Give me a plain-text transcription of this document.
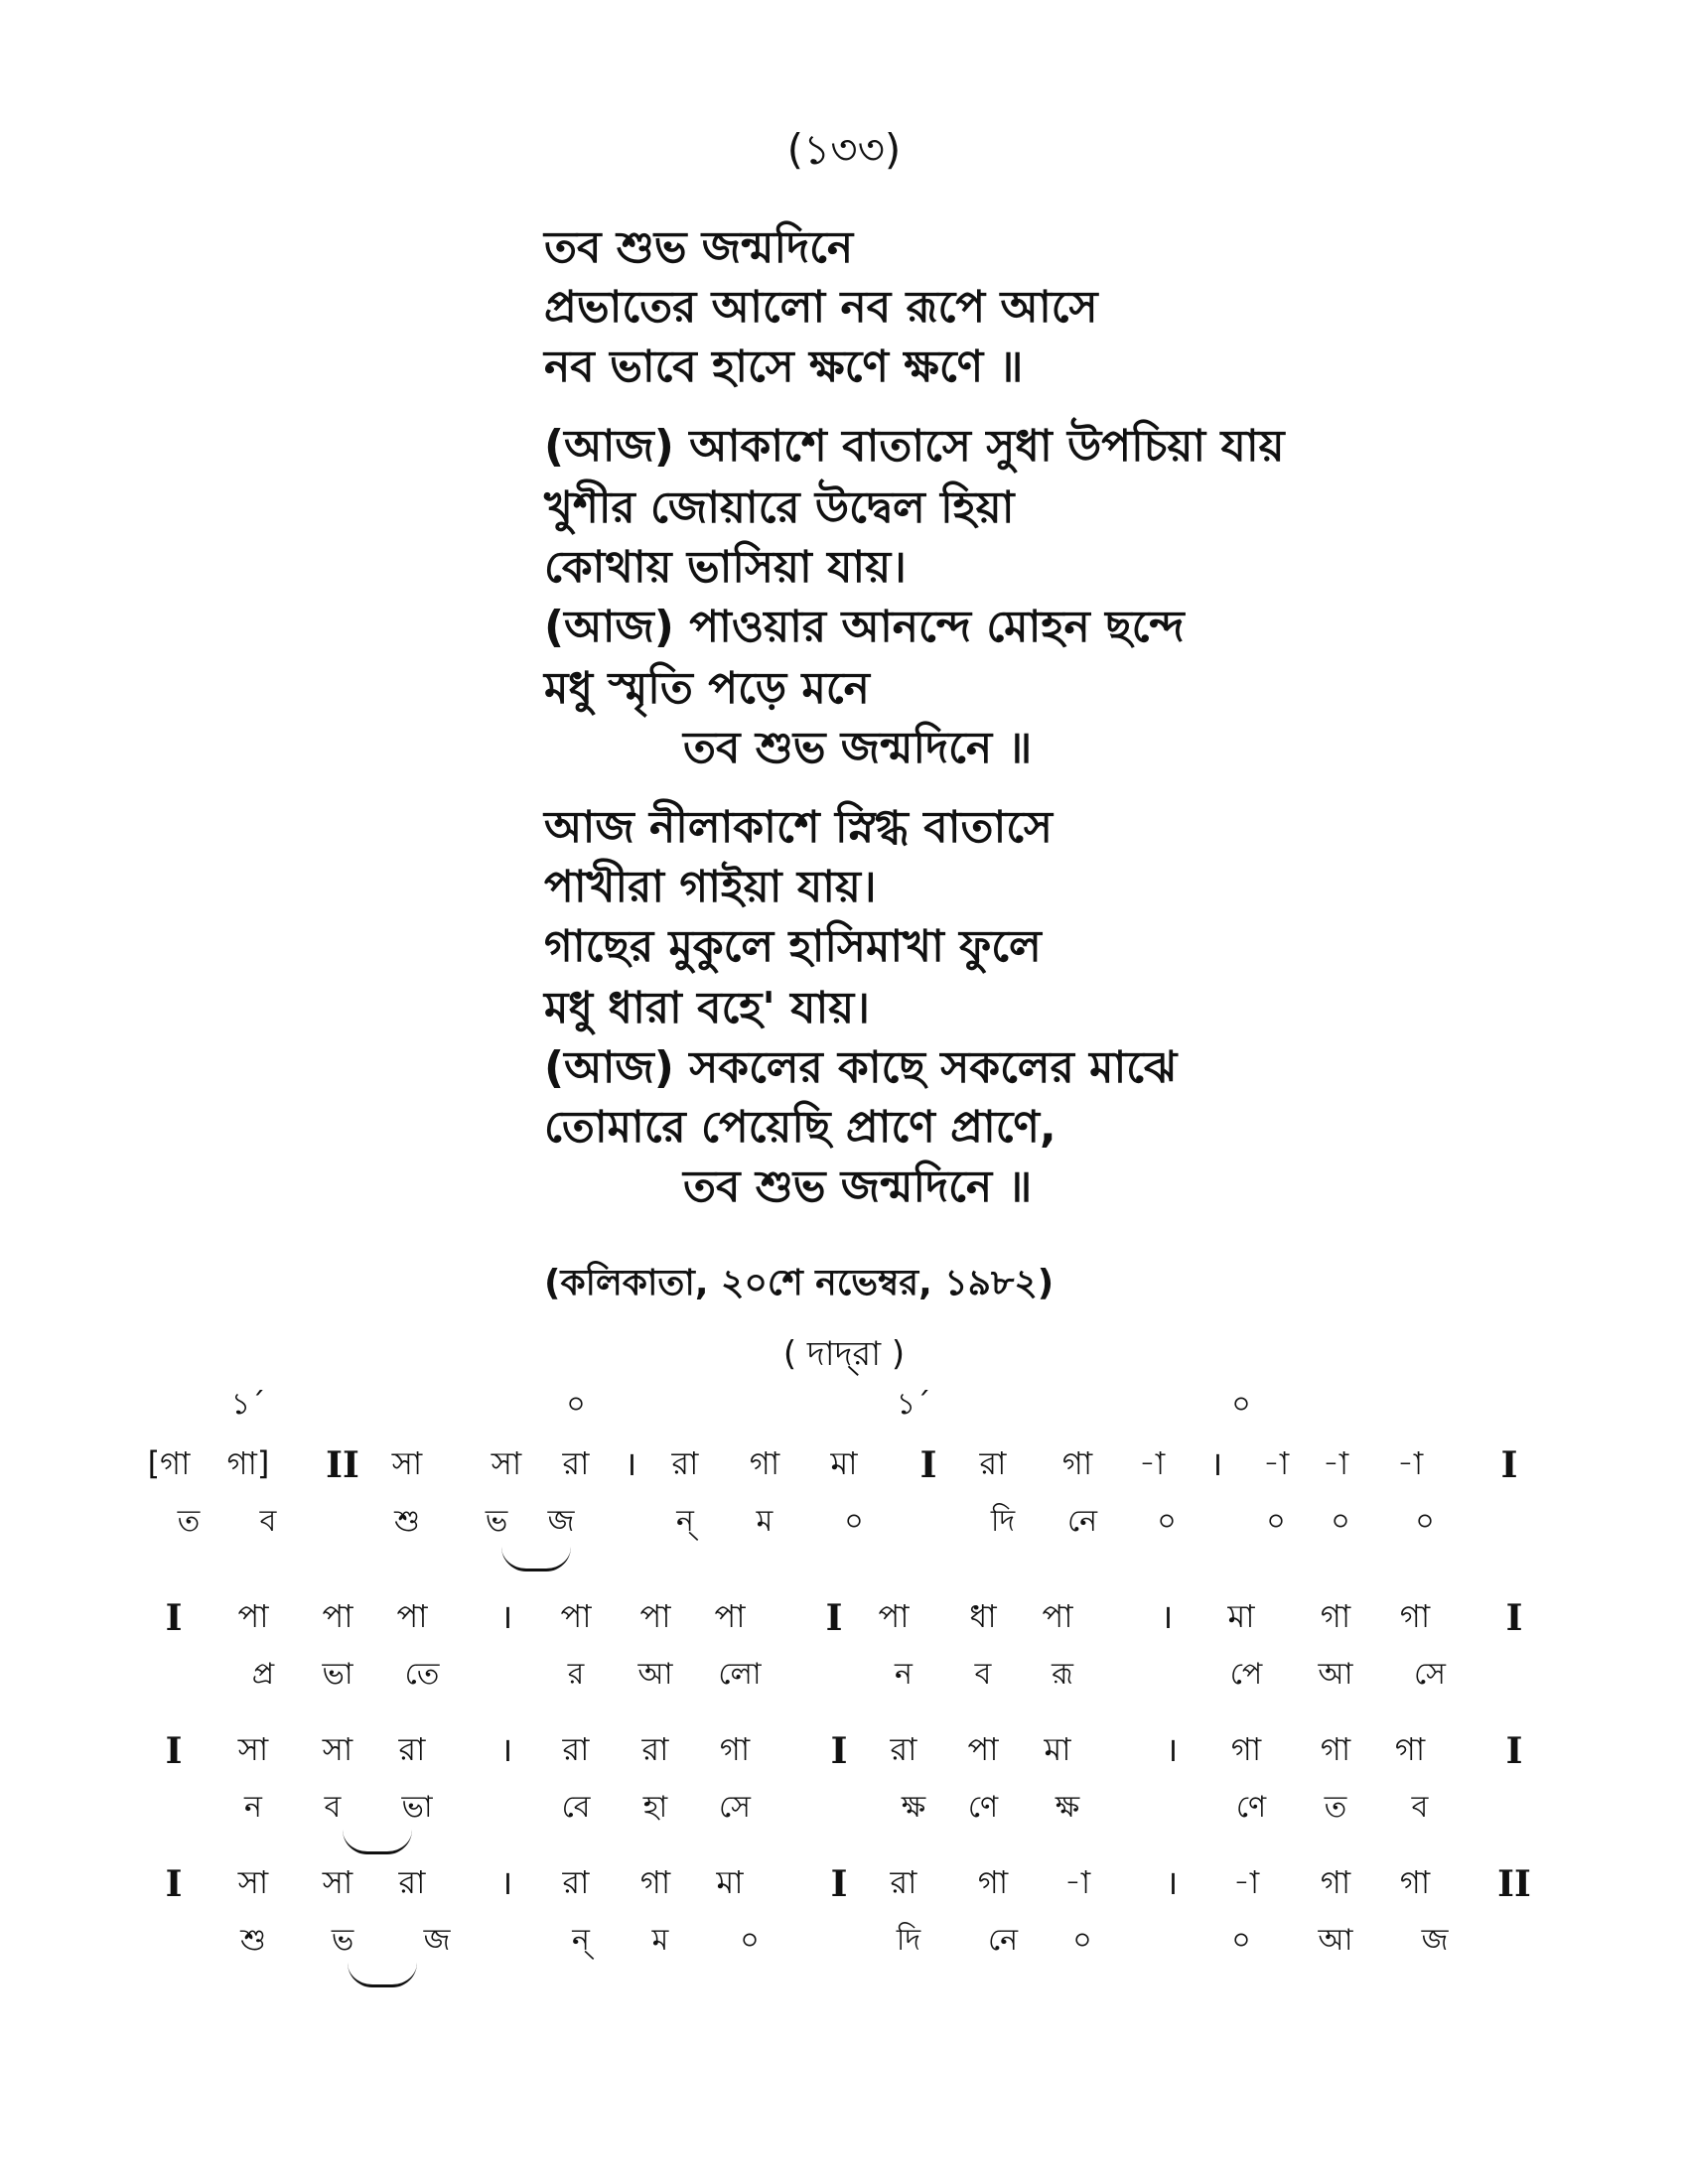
(১৩৩)
তব শুভ জন্মদিনে
প্রভাতের আলো নব রূপে আসে
নব ভাবে হাসে ক্ষণে ক্ষণে ॥
(আজ) আকাশে বাতাসে সুধা উপচিয়া যায়
খুশীর জোয়ারে উদ্বেল হিয়া
কোথায় ভাসিয়া যায়।
(আজ) পাওয়ার আনন্দে মোহন ছন্দে
মধু স্মৃতি পড়ে মনে
তব শুভ জন্মদিনে ॥
আজ নীলাকাশে স্নিগ্ধ বাতাসে
পাখীরা গাইয়া যায়।
গাছের মুকুলে হাসিমাখা ফুলে
মধু ধারা বহে' যায়।
(আজ) সকলের কাছে সকলের মাঝে
তোমারে পেয়েছি প্রাণে প্রাণে,
তব শুভ জন্মদিনে ॥
(কলিকাতা, ২০শে নভেম্বর, ১৯৮২)
( দাদ্‌রা )
১´	০	১´	০
[গা গা] II সা সা রা । রা গা মা I রা গা -া । -া -া -া I
ত ব	শু ভ জ	ন্ ম ০	দি নে ০	০ ০ ০
I পা পা পা । পা পা পা I পা ধা পা	। মা গা গা I
প্র ভা তে	র আ লো	ন ব রূ	পে আ সে
I সা সা রা । রা রা গা I রা পা মা	। গা গা গা I
ন ব ভা	বে হা সে	ক্ষ ণে ক্ষ	ণে ত ব
I সা সা রা । রা গা মা I রা গা -া । -া গা গা II
শু ভ জ	ন্ ম ০	দি নে ০	০ আ জ
